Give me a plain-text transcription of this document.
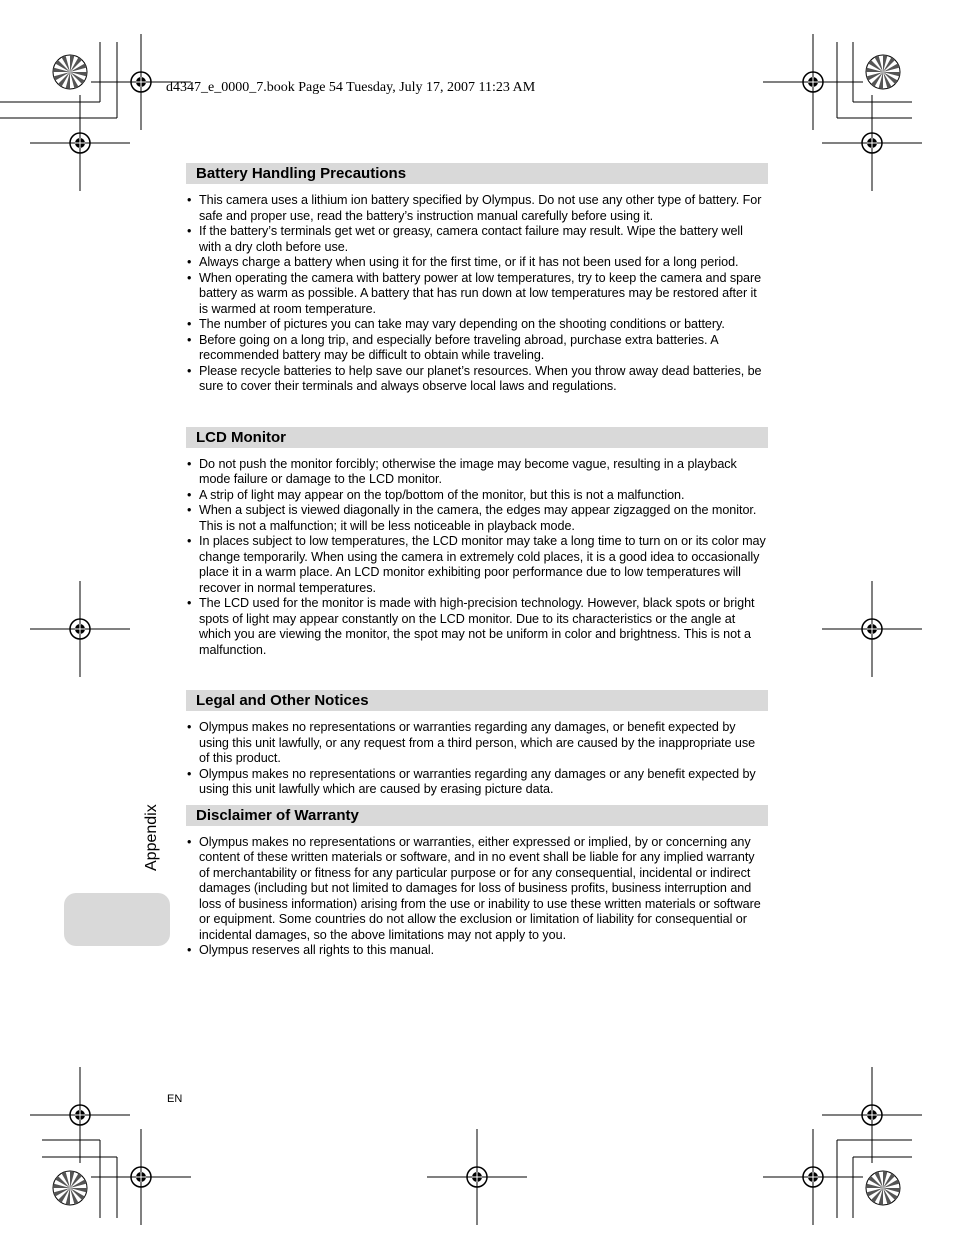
d4347_e_0000_7.book Page 54 Tuesday, July 17, 2007 11:23 AM
Battery Handling Precautions
• This camera uses a lithium ion battery specified by Olympus. Do not use any other type of battery. For safe and proper use, read the battery’s instruction manual carefully before using it.
• If the battery’s terminals get wet or greasy, camera contact failure may result. Wipe the battery well with a dry cloth before use.
• Always charge a battery when using it for the first time, or if it has not been used for a long period.
• When operating the camera with battery power at low temperatures, try to keep the camera and spare battery as warm as possible. A battery that has run down at low temperatures may be restored after it is warmed at room temperature.
• The number of pictures you can take may vary depending on the shooting conditions or battery.
• Before going on a long trip, and especially before traveling abroad, purchase extra batteries. A recommended battery may be difficult to obtain while traveling.
• Please recycle batteries to help save our planet’s resources. When you throw away dead batteries, be sure to cover their terminals and always observe local laws and regulations.
LCD Monitor
• Do not push the monitor forcibly; otherwise the image may become vague, resulting in a playback mode failure or damage to the LCD monitor.
• A strip of light may appear on the top/bottom of the monitor, but this is not a malfunction.
• When a subject is viewed diagonally in the camera, the edges may appear zigzagged on the monitor. This is not a malfunction; it will be less noticeable in playback mode.
• In places subject to low temperatures, the LCD monitor may take a long time to turn on or its color may change temporarily. When using the camera in extremely cold places, it is a good idea to occasionally place it in a warm place. An LCD monitor exhibiting poor performance due to low temperatures will recover in normal temperatures.
• The LCD used for the monitor is made with high-precision technology. However, black spots or bright spots of light may appear constantly on the LCD monitor. Due to its characteristics or the angle at which you are viewing the monitor, the spot may not be uniform in color and brightness. This is not a malfunction.
Legal and Other Notices
• Olympus makes no representations or warranties regarding any damages, or benefit expected by using this unit lawfully, or any request from a third person, which are caused by the inappropriate use of this product.
• Olympus makes no representations or warranties regarding any damages or any benefit expected by using this unit lawfully which are caused by erasing picture data.
Disclaimer of Warranty
• Olympus makes no representations or warranties, either expressed or implied, by or concerning any content of these written materials or software, and in no event shall be liable for any implied warranty of merchantability or fitness for any particular purpose or for any consequential, incidental or indirect damages (including but not limited to damages for loss of business profits, business interruption and loss of business information) arising from the use or inability to use these written materials or software or equipment. Some countries do not allow the exclusion or limitation of liability for consequential or incidental damages, so the above limitations may not apply to you.
• Olympus reserves all rights to this manual.
Appendix
EN
